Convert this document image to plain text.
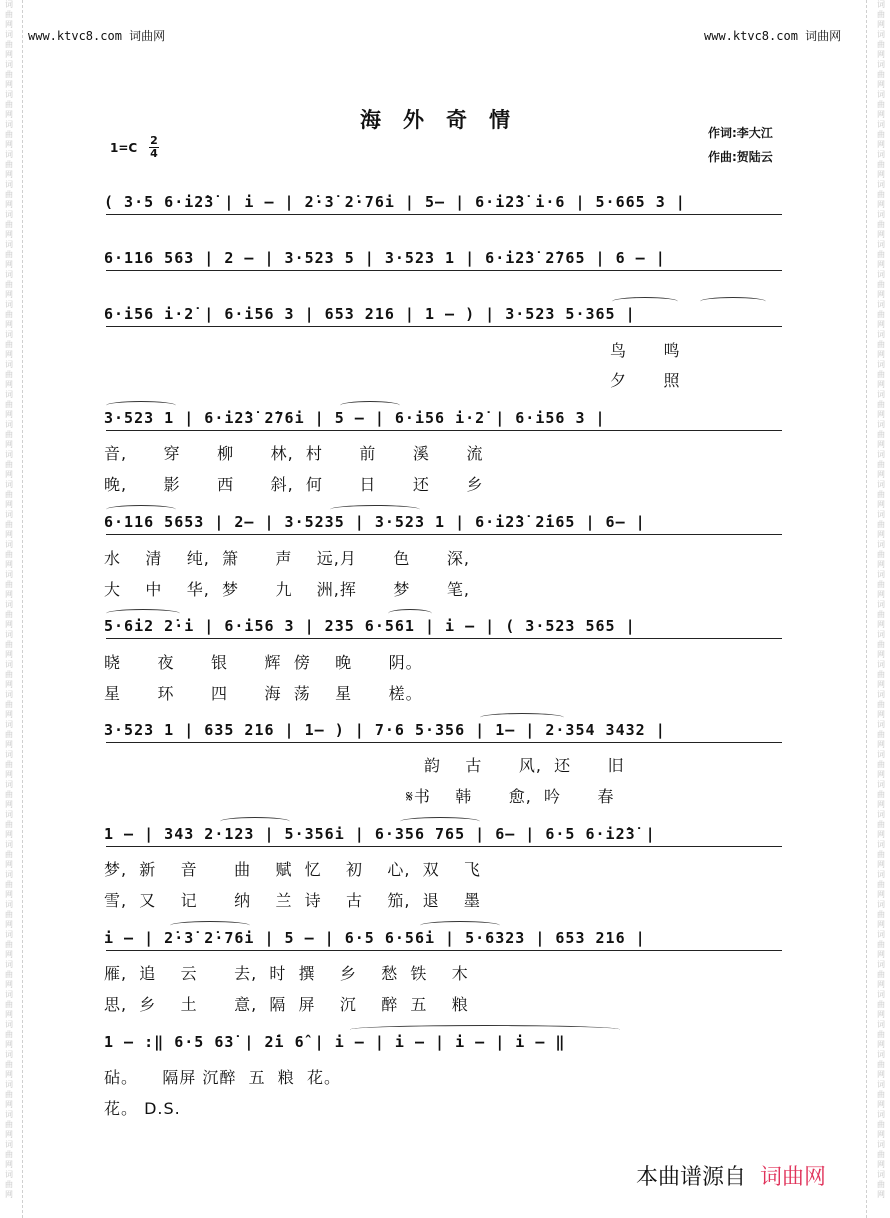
词曲网词曲网词曲网词曲网词曲网词曲网词曲网词曲网词曲网词曲网词曲网词曲网词曲网词曲网词曲网词曲网词曲网词曲网词曲网词曲网词曲网词曲网词曲网词曲网词曲网词曲网词曲网词曲网词曲网词曲网词曲网词曲网词曲网词曲网词曲网词曲网词曲网词曲网词曲网词曲网
词曲网词曲网词曲网词曲网词曲网词曲网词曲网词曲网词曲网词曲网词曲网词曲网词曲网词曲网词曲网词曲网词曲网词曲网词曲网词曲网词曲网词曲网词曲网词曲网词曲网词曲网词曲网词曲网词曲网词曲网词曲网词曲网词曲网词曲网词曲网词曲网词曲网词曲网词曲网词曲网
www.ktvc8.com 词曲网	www.ktvc8.com 词曲网
海外奇情
作词:李大江
作曲:贺陆云
1=C
2
4

( 3·5 6·i2̇3̇ | i — | 2̇·3̇ 2̇·76i | 5— | 6·i2̇3̇ i·6 | 5·665 3 |

6·116 563 | 2 — | 3·523 5 | 3·523 1 | 6·i2̇3̇ 2̇765 | 6 — |

6·i56 i·2̇ | 6·i56 3 | 653 216 | 1 — ) | 3·523 5·365 |

鸟      鸣
夕      照

3·523 1 | 6·i2̇3̇ 2̇76i | 5 — | 6·i56 i·2̇ | 6·i56 3 |

音,      穿      柳      林,  村      前      溪      流
晚,      影      西      斜,  何      日      还      乡

6·116 5653 | 2— | 3·5235 | 3·523 1 | 6·i2̇3̇ 2̇i65 | 6— |

水    清    纯,  箫      声    远,月      色      深,
大    中    华,  梦      九    洲,挥      梦      笔,

5·6i2 2̇·i | 6·i56 3 | 235 6·561 | i — | ( 3·523 565 |

晓      夜      银      辉  傍    晚      阴。
星      环      四      海  荡    星      槎。

3·523 1 | 635 216 | 1— ) | 7·6 5·356 | 1— | 2·354 3432 |

韵    古      风,  还      旧
𝄋书    韩      愈,  吟      春

1 — | 343 2·123 | 5·356i | 6·356 765 | 6— | 6·5 6·i2̇3̇ |

梦,  新    音      曲    赋  忆    初    心,  双    飞
雪,  又    记      纳    兰  诗    古    笳,  退    墨

i — | 2̇·3̇ 2̇·76i | 5 — | 6·5 6·56i | 5·6323 | 653 216 |

雁,  追    云      去,  时  撰    乡    愁  铁    木
思,  乡    土      意,  隔  屏    沉    醉  五    粮

1 — :‖ 6·5 63̇ | 2̇i 6̂ | i — | i — | i — | i — ‖

砧。    隔屏 沉醉  五  粮  花。
花。 D.S.
本曲谱源自 词曲网
